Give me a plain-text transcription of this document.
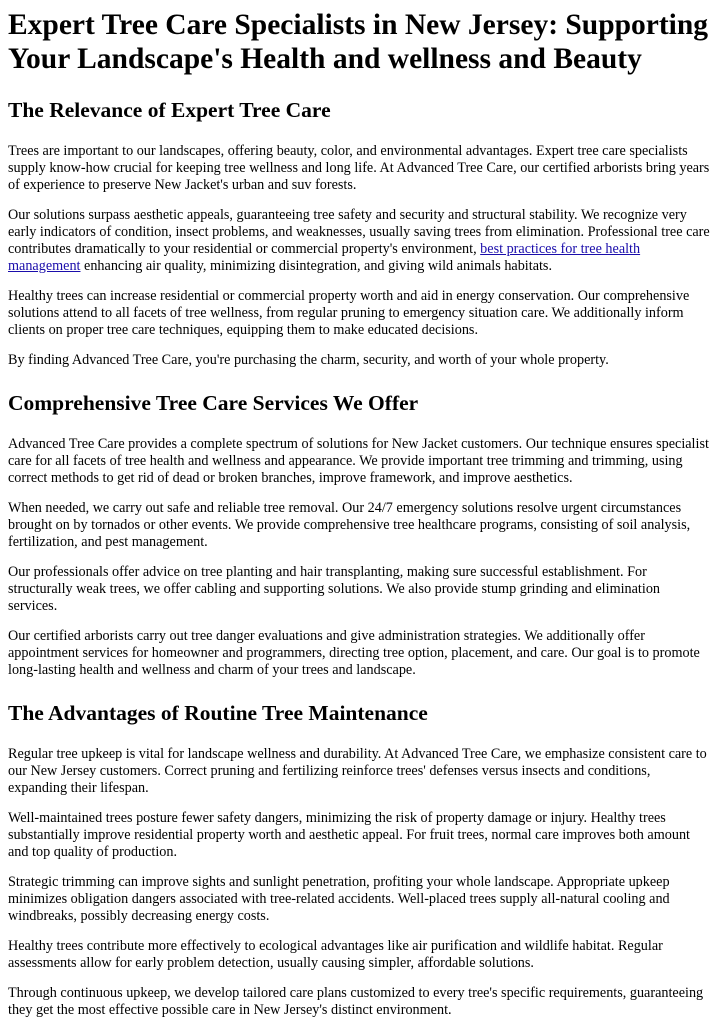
Expert Tree Care Specialists in New Jersey: Supporting Your Landscape's Health and wellness and Beauty
The Relevance of Expert Tree Care

Trees are important to our landscapes, offering beauty, color, and environmental advantages. Expert tree care specialists supply know-how crucial for keeping tree wellness and long life. At Advanced Tree Care, our certified arborists bring years of experience to preserve New Jacket's urban and suv forests.

Our solutions surpass aesthetic appeals, guaranteeing tree safety and security and structural stability. We recognize very early indicators of condition, insect problems, and weaknesses, usually saving trees from elimination. Professional tree care contributes dramatically to your residential or commercial property's environment, best practices for tree health management enhancing air quality, minimizing disintegration, and giving wild animals habitats.

Healthy trees can increase residential or commercial property worth and aid in energy conservation. Our comprehensive solutions attend to all facets of tree wellness, from regular pruning to emergency situation care. We additionally inform clients on proper tree care techniques, equipping them to make educated decisions.

By finding Advanced Tree Care, you're purchasing the charm, security, and worth of your whole property.

Comprehensive Tree Care Services We Offer

Advanced Tree Care provides a complete spectrum of solutions for New Jacket customers. Our technique ensures specialist care for all facets of tree health and wellness and appearance. We provide important tree trimming and trimming, using correct methods to get rid of dead or broken branches, improve framework, and improve aesthetics.

When needed, we carry out safe and reliable tree removal. Our 24/7 emergency solutions resolve urgent circumstances brought on by tornados or other events. We provide comprehensive tree healthcare programs, consisting of soil analysis, fertilization, and pest management.

Our professionals offer advice on tree planting and hair transplanting, making sure successful establishment. For structurally weak trees, we offer cabling and supporting solutions. We also provide stump grinding and elimination services.

Our certified arborists carry out tree danger evaluations and give administration strategies. We additionally offer appointment services for homeowner and programmers, directing tree option, placement, and care. Our goal is to promote long-lasting health and wellness and charm of your trees and landscape.

The Advantages of Routine Tree Maintenance

Regular tree upkeep is vital for landscape wellness and durability. At Advanced Tree Care, we emphasize consistent care to our New Jersey customers. Correct pruning and fertilizing reinforce trees' defenses versus insects and conditions, expanding their lifespan.

Well-maintained trees posture fewer safety dangers, minimizing the risk of property damage or injury. Healthy trees substantially improve residential property worth and aesthetic appeal. For fruit trees, normal care improves both amount and top quality of production.

Strategic trimming can improve sights and sunlight penetration, profiting your whole landscape. Appropriate upkeep minimizes obligation dangers associated with tree-related accidents. Well-placed trees supply all-natural cooling and windbreaks, possibly decreasing energy costs.

Healthy trees contribute more effectively to ecological advantages like air purification and wildlife habitat. Regular assessments allow for early problem detection, usually causing simpler, affordable solutions.

Through continuous upkeep, we develop tailored care plans customized to every tree's specific requirements, guaranteeing they get the most effective possible care in New Jersey's distinct environment.
